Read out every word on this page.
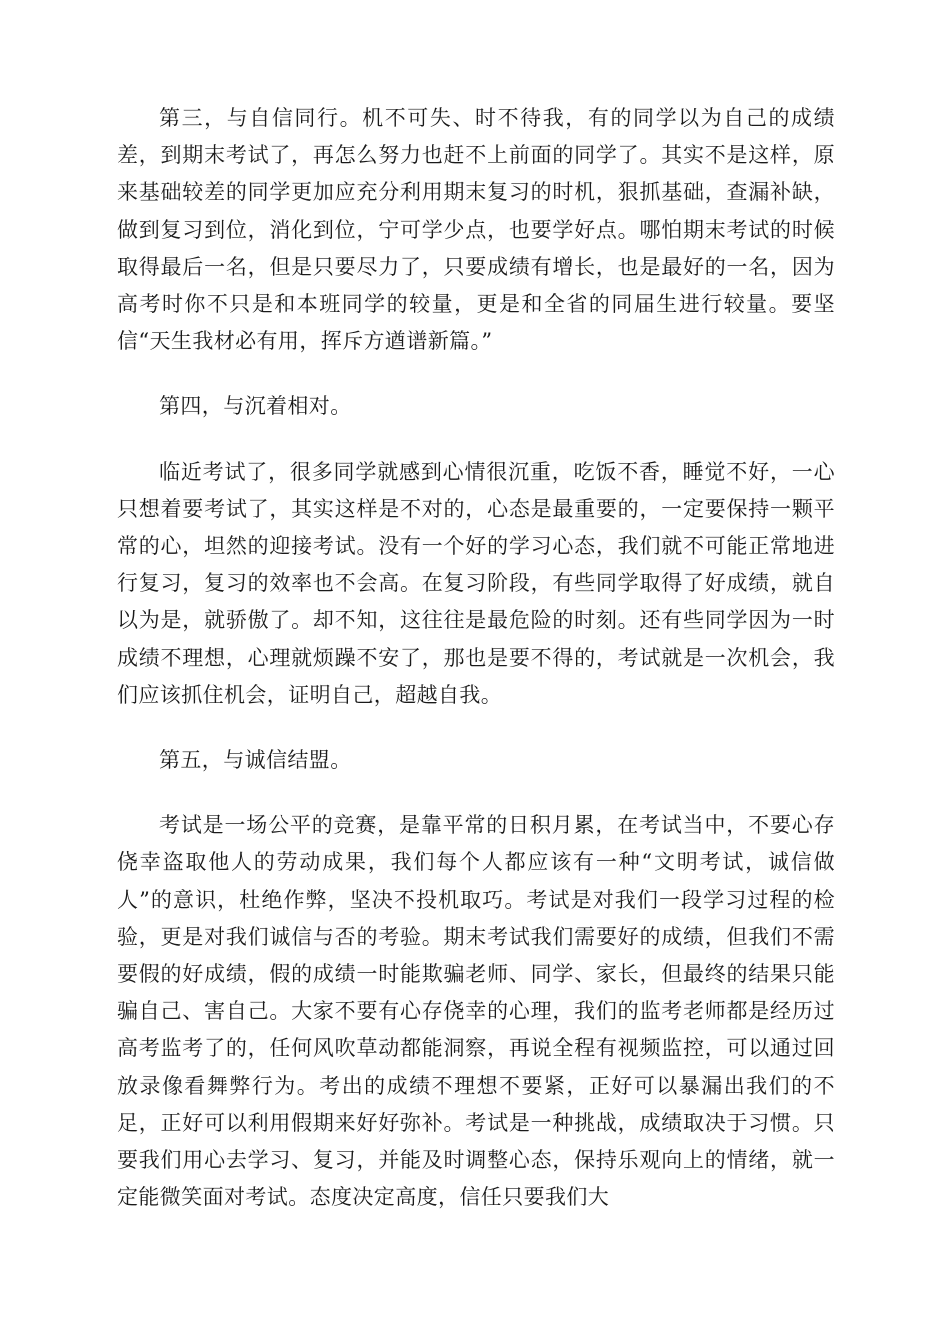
第三，与自信同行。机不可失、时不待我，有的同学以为自己的成绩差，到期末考试了，再怎么努力也赶不上前面的同学了。其实不是这样，原来基础较差的同学更加应充分利用期末复习的时机，狠抓基础，查漏补缺，做到复习到位，消化到位，宁可学少点，也要学好点。哪怕期末考试的时候取得最后一名，但是只要尽力了，只要成绩有增长，也是最好的一名，因为高考时你不只是和本班同学的较量，更是和全省的同届生进行较量。要坚信“天生我材必有用，挥斥方遒谱新篇。”

第四，与沉着相对。

临近考试了，很多同学就感到心情很沉重，吃饭不香，睡觉不好，一心只想着要考试了，其实这样是不对的，心态是最重要的，一定要保持一颗平常的心，坦然的迎接考试。没有一个好的学习心态，我们就不可能正常地进行复习，复习的效率也不会高。在复习阶段，有些同学取得了好成绩，就自以为是，就骄傲了。却不知，这往往是最危险的时刻。还有些同学因为一时成绩不理想，心理就烦躁不安了，那也是要不得的，考试就是一次机会，我们应该抓住机会，证明自己，超越自我。

第五，与诚信结盟。

考试是一场公平的竞赛，是靠平常的日积月累，在考试当中，不要心存侥幸盗取他人的劳动成果，我们每个人都应该有一种“文明考试，诚信做人”的意识，杜绝作弊，坚决不投机取巧。考试是对我们一段学习过程的检验，更是对我们诚信与否的考验。期末考试我们需要好的成绩，但我们不需要假的好成绩，假的成绩一时能欺骗老师、同学、家长，但最终的结果只能骗自己、害自己。大家不要有心存侥幸的心理，我们的监考老师都是经历过高考监考了的，任何风吹草动都能洞察，再说全程有视频监控，可以通过回放录像看舞弊行为。考出的成绩不理想不要紧，正好可以暴漏出我们的不足，正好可以利用假期来好好弥补。考试是一种挑战，成绩取决于习惯。只要我们用心去学习、复习，并能及时调整心态，保持乐观向上的情绪，就一定能微笑面对考试。态度决定高度，信任只要我们大
